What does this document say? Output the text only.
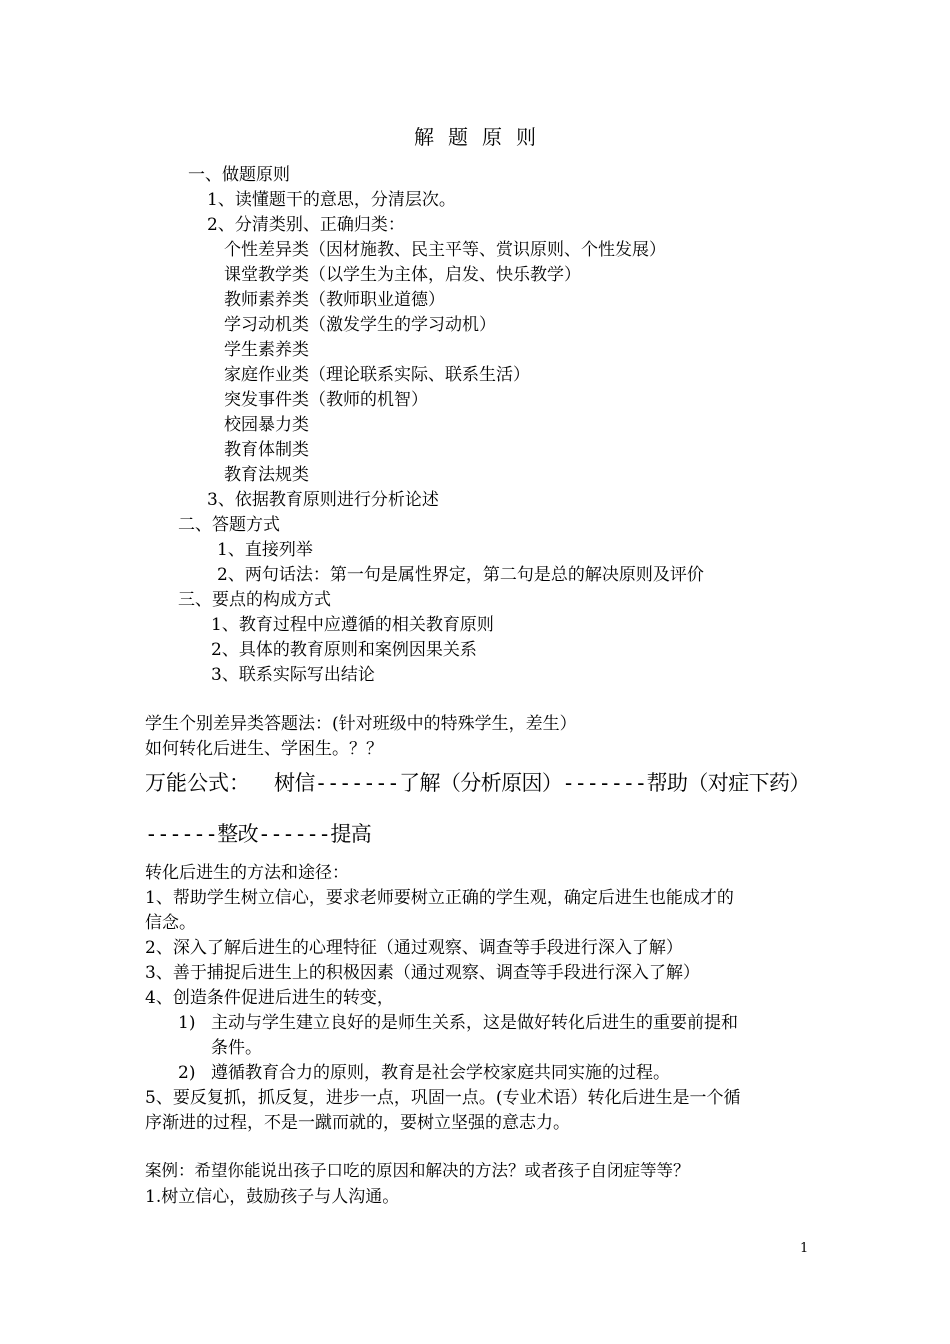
解题原则
一、做题原则
1、读懂题干的意思，分清层次。
2、分清类别、正确归类：
个性差异类（因材施教、民主平等、赏识原则、个性发展）
课堂教学类（以学生为主体，启发、快乐教学）
教师素养类（教师职业道德）
学习动机类（激发学生的学习动机）
学生素养类
家庭作业类（理论联系实际、联系生活）
突发事件类（教师的机智）
校园暴力类
教育体制类
教育法规类
3、依据教育原则进行分析论述
二、答题方式
1、直接列举
2、两句话法：第一句是属性界定，第二句是总的解决原则及评价
三、要点的构成方式
1、教育过程中应遵循的相关教育原则
2、具体的教育原则和案例因果关系
3、联系实际写出结论
学生个别差异类答题法：(针对班级中的特殊学生，差生）
如何转化后进生、学困生。？？
万能公式： 树信-------了解（分析原因）-------帮助（对症下药）
------整改------提高
转化后进生的方法和途径：
1、帮助学生树立信心，要求老师要树立正确的学生观，确定后进生也能成才的
信念。
2、深入了解后进生的心理特征（通过观察、调查等手段进行深入了解）
3、善于捕捉后进生上的积极因素（通过观察、调查等手段进行深入了解）
4、创造条件促进后进生的转变，
1) 主动与学生建立良好的是师生关系，这是做好转化后进生的重要前提和
条件。
2) 遵循教育合力的原则，教育是社会学校家庭共同实施的过程。
5、要反复抓，抓反复，进步一点，巩固一点。(专业术语）转化后进生是一个循
序渐进的过程，不是一蹴而就的，要树立坚强的意志力。
案例：希望你能说出孩子口吃的原因和解决的方法？或者孩子自闭症等等？
1.树立信心，鼓励孩子与人沟通。
1
